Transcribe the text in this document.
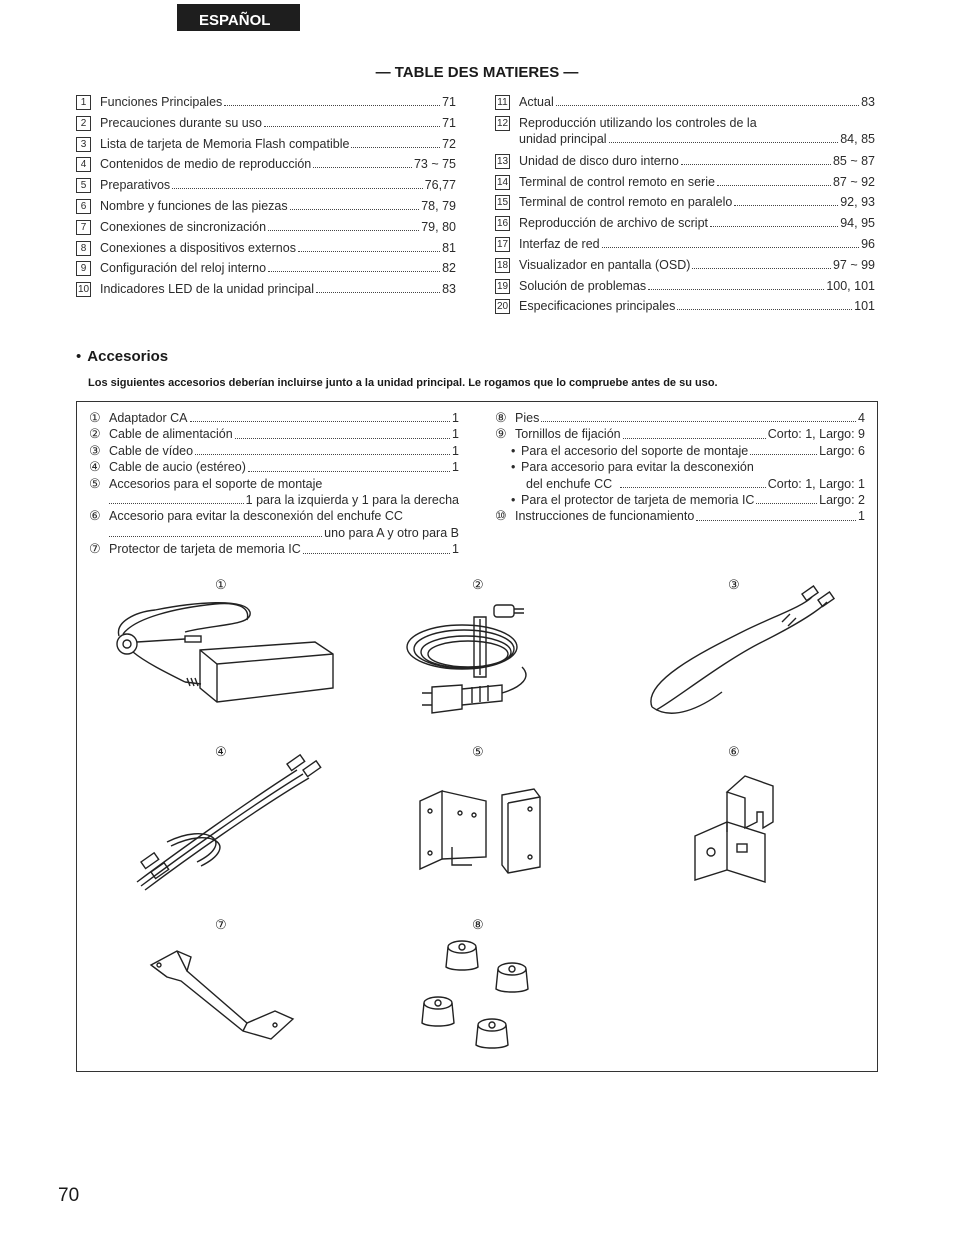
ESPAÑOL
— TABLE DES MATIERES —
1	Funciones Principales	71
2	Precauciones durante su uso	71
3	Lista de tarjeta de Memoria Flash compatible	72
4	Contenidos de medio de reproducción	73 ~ 75
5	Preparativos	76,77
6	Nombre y funciones de las piezas	78, 79
7	Conexiones de sincronización	79, 80
8	Conexiones a dispositivos externos	81
9	Configuración del reloj interno	82
10 Indicadores LED de la unidad principal	83
11 Actual	83
12 Reproducción utilizando los controles de la
unidad principal	84, 85
13 Unidad de disco duro interno	85 ~ 87
14 Terminal de control remoto en serie	87 ~ 92
15 Terminal de control remoto en paralelo	92, 93
16 Reproducción de archivo de script	94, 95
17 Interfaz de red	96
18 Visualizador en pantalla (OSD)	97 ~ 99
19 Solución de problemas	100, 101
20 Especificaciones principales	101
• Accesorios
Los siguientes accesorios deberían incluirse junto a la unidad principal. Le rogamos que lo compruebe antes de su uso.
① Adaptador CA	1
② Cable de alimentación	1
③ Cable de vídeo	1
④ Cable de aucio (estéreo)	1
⑤ Accesorios para el soporte de montaje
1 para la izquierda y 1 para la derecha
⑥ Accesorio para evitar la desconexión del enchufe CC
uno para A y otro para B
⑦ Protector de tarjeta de memoria IC	1
⑧ Pies	4
⑨ Tornillos de fijación	Corto: 1, Largo: 9
• Para el accesorio del soporte de montaje	Largo: 6
• Para accesorio para evitar la desconexión
del enchufe CC	Corto: 1, Largo: 1
• Para el protector de tarjeta de memoria IC	Largo: 2
⑩ Instrucciones de funcionamiento	1
①	②	③
④	⑤	⑥
⑦	⑧
70
